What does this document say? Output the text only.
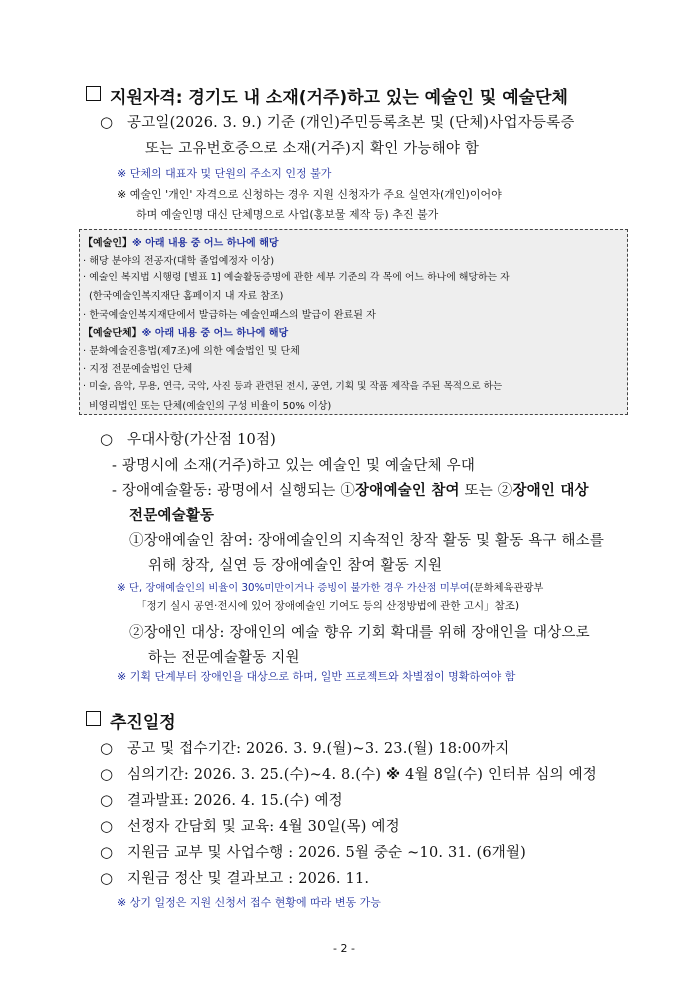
지원자격: 경기도 내 소재(거주)하고 있는 예술인 및 예술단체
○ 공고일(2026. 3. 9.) 기준 (개인)주민등록초본 및 (단체)사업자등록증
또는 고유번호증으로 소재(거주)지 확인 가능해야 함
※ 단체의 대표자 및 단원의 주소지 인정 불가
※ 예술인 '개인' 자격으로 신청하는 경우 지원 신청자가 주요 실연자(개인)이어야
하며 예술인명 대신 단체명으로 사업(홍보물 제작 등) 추진 불가
【예술인】※ 아래 내용 중 어느 하나에 해당
· 해당 분야의 전공자(대학 졸업예정자 이상)
· 예술인 복지법 시행령 [별표 1] 예술활동증명에 관한 세부 기준의 각 목에 어느 하나에 해당하는 자
(한국예술인복지재단 홈페이지 내 자료 참조)
· 한국예술인복지재단에서 발급하는 예술인패스의 발급이 완료된 자
【예술단체】※ 아래 내용 중 어느 하나에 해당
· 문화예술진흥법(제7조)에 의한 예술법인 및 단체
· 지정 전문예술법인 단체
· 미술, 음악, 무용, 연극, 국악, 사진 등과 관련된 전시, 공연, 기획 및 작품 제작을 주된 목적으로 하는
비영리법인 또는 단체(예술인의 구성 비율이 50% 이상)
○ 우대사항(가산점 10점)
- 광명시에 소재(거주)하고 있는 예술인 및 예술단체 우대
- 장애예술활동: 광명에서 실행되는 ①장애예술인 참여 또는 ②장애인 대상
전문예술활동
①장애예술인 참여: 장애예술인의 지속적인 창작 활동 및 활동 욕구 해소를
위해 창작, 실연 등 장애예술인 참여 활동 지원
※ 단, 장애예술인의 비율이 30%미만이거나 증빙이 불가한 경우 가산점 미부여(문화체육관광부
「정기 실시 공연·전시에 있어 장애예술인 기여도 등의 산정방법에 관한 고시」참조)
②장애인 대상: 장애인의 예술 향유 기회 확대를 위해 장애인을 대상으로
하는 전문예술활동 지원
※ 기획 단계부터 장애인을 대상으로 하며, 일반 프로젝트와 차별점이 명확하여야 함
추진일정
○ 공고 및 접수기간: 2026. 3. 9.(월)~3. 23.(월) 18:00까지
○ 심의기간: 2026. 3. 25.(수)~4. 8.(수) ※ 4월 8일(수) 인터뷰 심의 예정
○ 결과발표: 2026. 4. 15.(수) 예정
○ 선정자 간담회 및 교육: 4월 30일(목) 예정
○ 지원금 교부 및 사업수행 : 2026. 5월 중순 ~10. 31. (6개월)
○ 지원금 정산 및 결과보고 : 2026. 11.
※ 상기 일정은 지원 신청서 접수 현황에 따라 변동 가능
- 2 -
